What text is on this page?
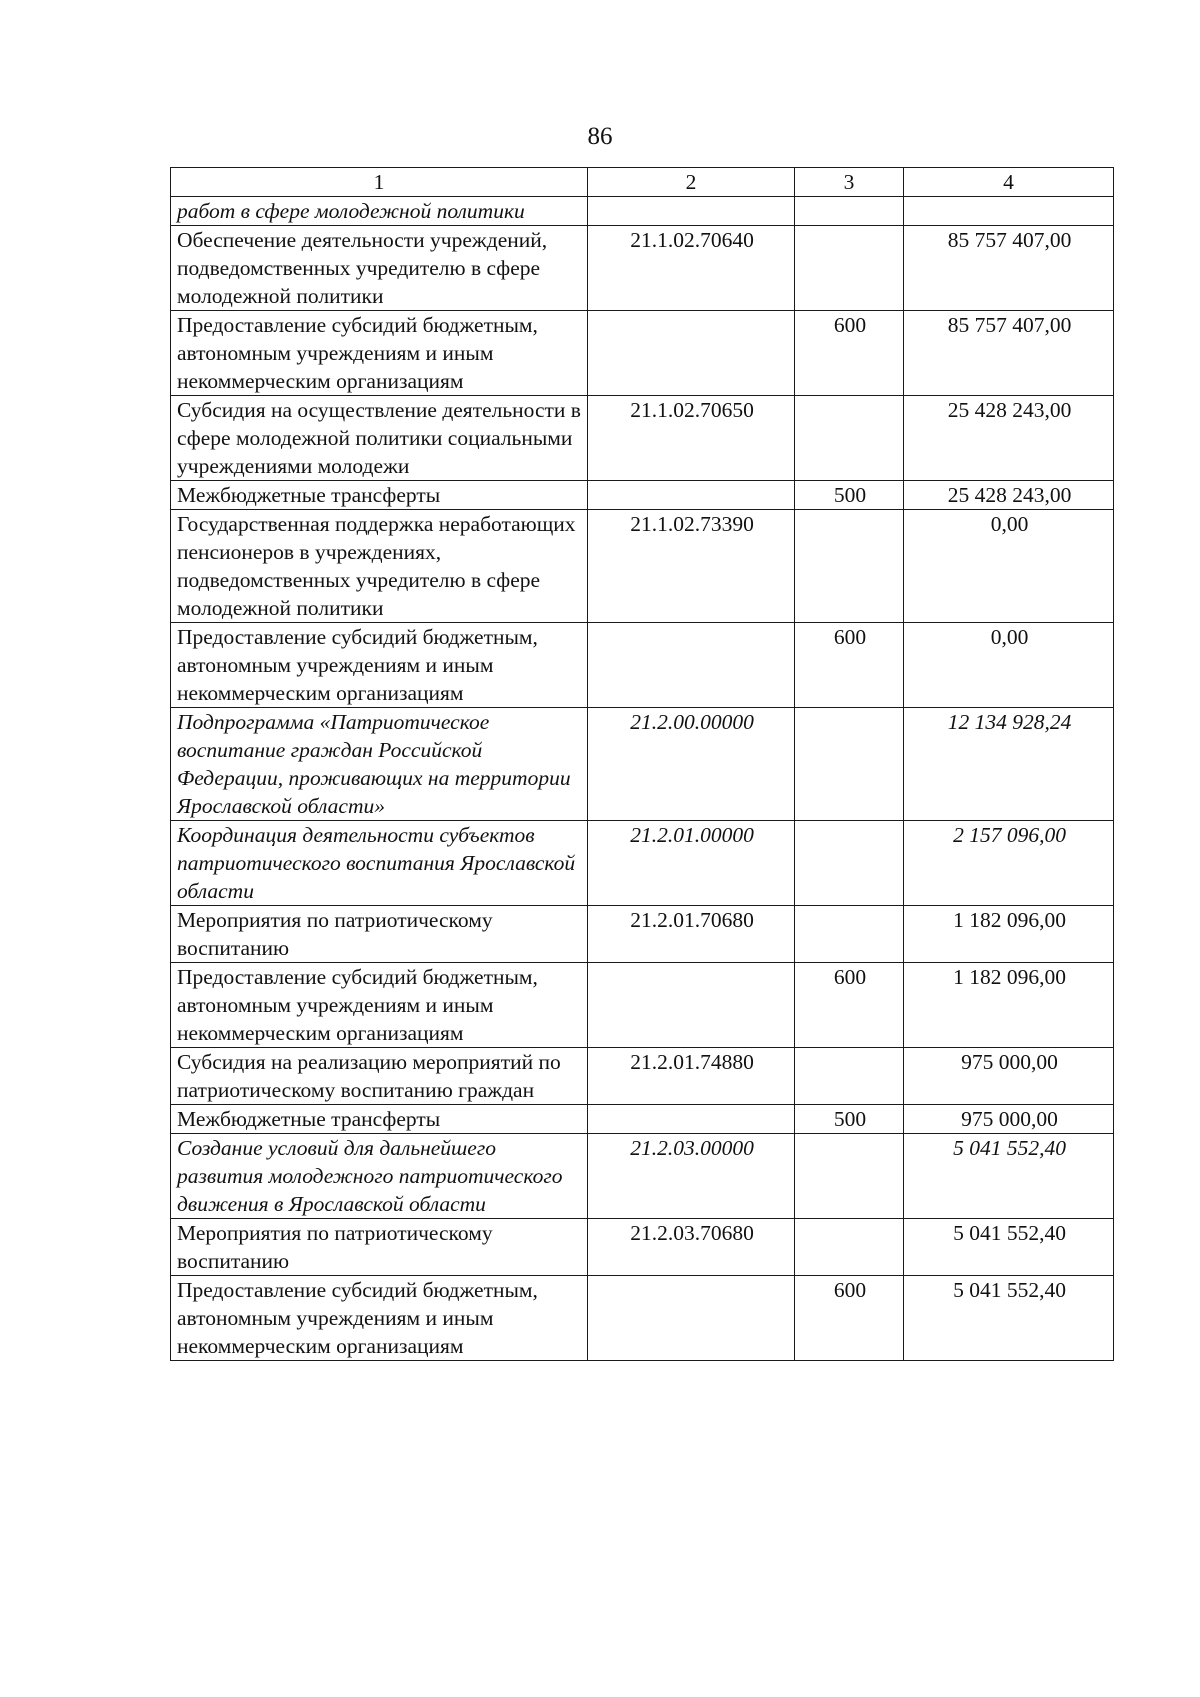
86
1	2	3	4
работ в сфере молодежной политики			
Обеспечение деятельности учреждений, подведомственных учредителю в сфере молодежной политики	21.1.02.70640		85 757 407,00
Предоставление субсидий бюджетным, автономным учреждениям и иным некоммерческим организациям		600	85 757 407,00
Субсидия на осуществление деятельности в сфере молодежной политики социальными учреждениями молодежи	21.1.02.70650		25 428 243,00
Межбюджетные трансферты		500	25 428 243,00
Государственная поддержка неработающих пенсионеров в учреждениях, подведомственных учредителю в сфере молодежной политики	21.1.02.73390		0,00
Предоставление субсидий бюджетным, автономным учреждениям и иным некоммерческим организациям		600	0,00
Подпрограмма «Патриотическое воспитание граждан Российской Федерации, проживающих на территории Ярославской области»	21.2.00.00000		12 134 928,24
Координация деятельности субъектов патриотического воспитания Ярославской области	21.2.01.00000		2 157 096,00
Мероприятия по патриотическому воспитанию	21.2.01.70680		1 182 096,00
Предоставление субсидий бюджетным, автономным учреждениям и иным некоммерческим организациям		600	1 182 096,00
Субсидия на реализацию мероприятий по патриотическому воспитанию граждан	21.2.01.74880		975 000,00
Межбюджетные трансферты		500	975 000,00
Создание условий для дальнейшего развития молодежного патриотического движения в Ярославской области	21.2.03.00000		5 041 552,40
Мероприятия по патриотическому воспитанию	21.2.03.70680		5 041 552,40
Предоставление субсидий бюджетным, автономным учреждениям и иным некоммерческим организациям		600	5 041 552,40
